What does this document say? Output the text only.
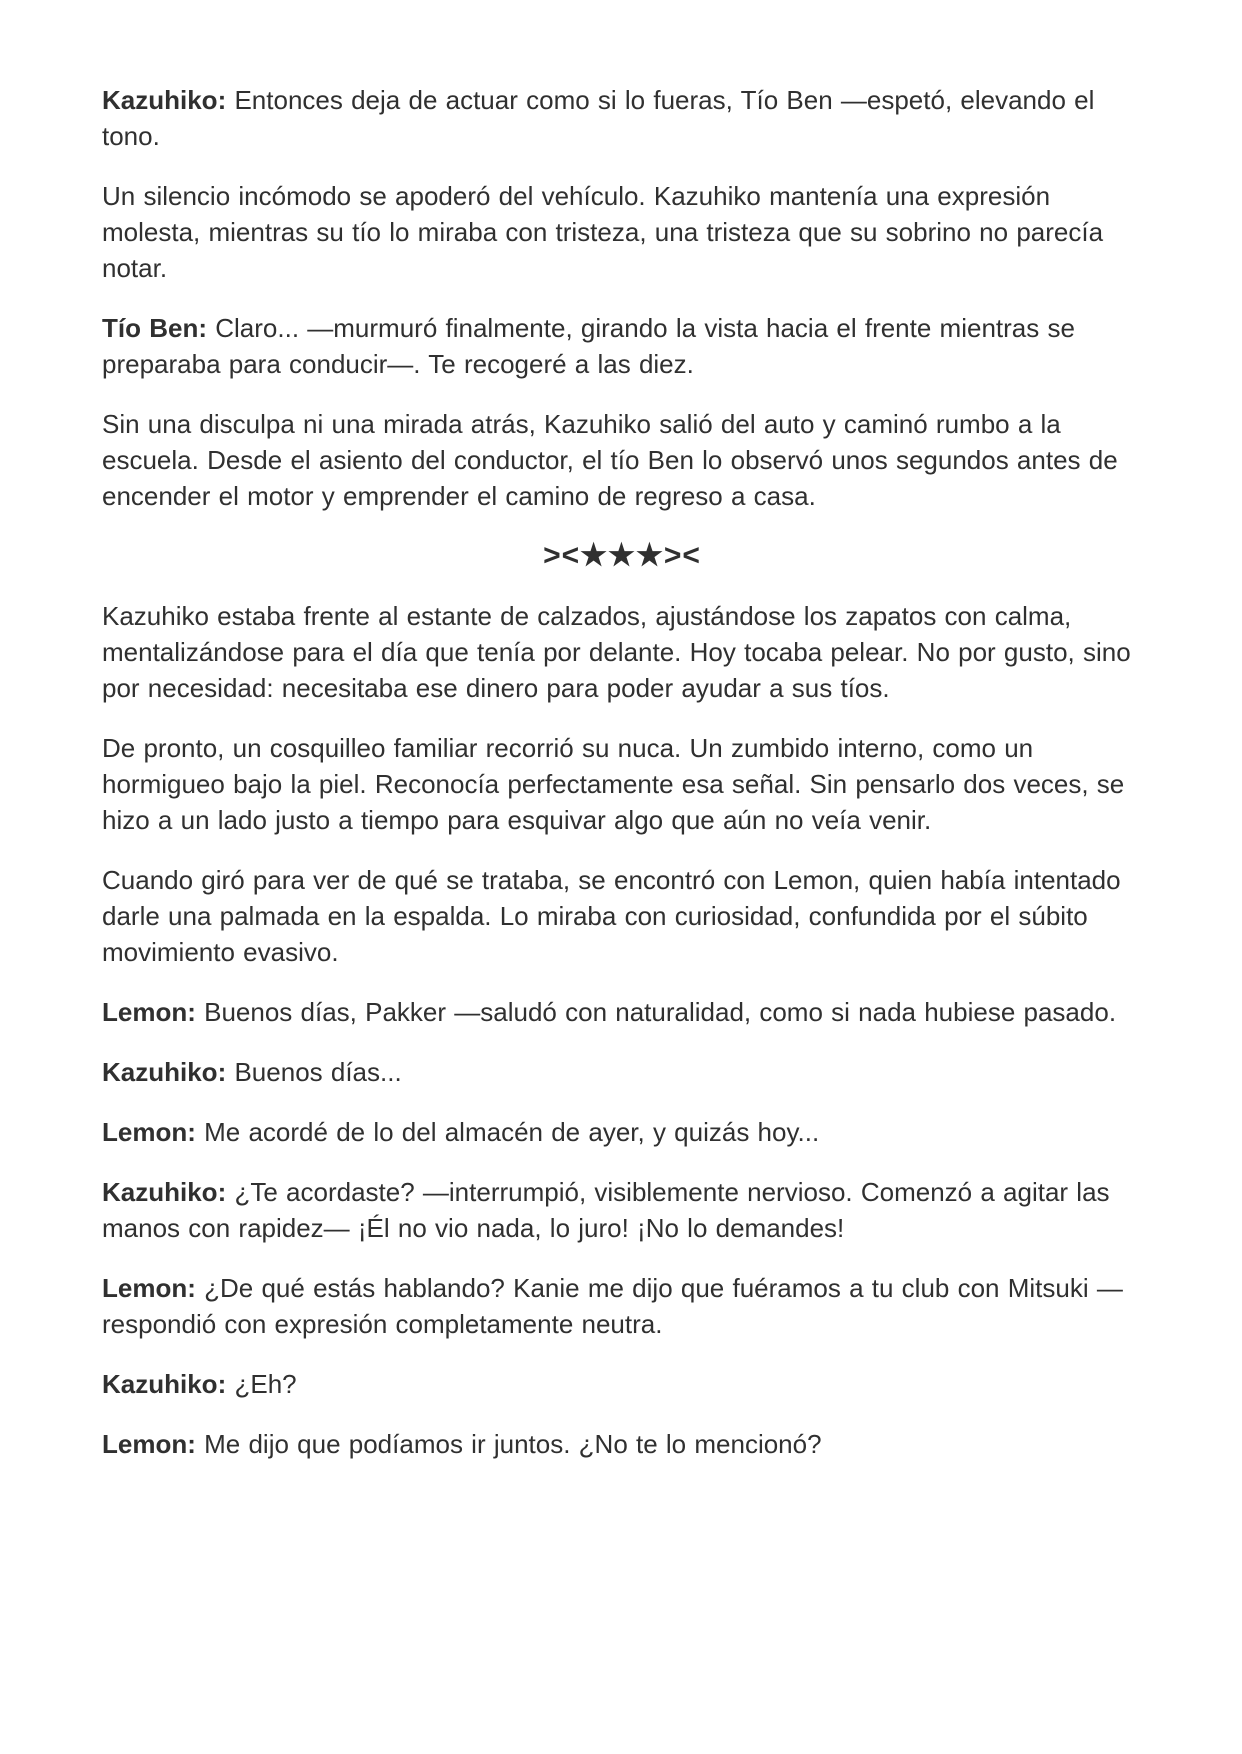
Kazuhiko: Entonces deja de actuar como si lo fueras, Tío Ben —espetó, elevando el tono.

Un silencio incómodo se apoderó del vehículo. Kazuhiko mantenía una expresión molesta, mientras su tío lo miraba con tristeza, una tristeza que su sobrino no parecía notar.

Tío Ben: Claro... —murmuró finalmente, girando la vista hacia el frente mientras se preparaba para conducir—. Te recogeré a las diez.

Sin una disculpa ni una mirada atrás, Kazuhiko salió del auto y caminó rumbo a la escuela. Desde el asiento del conductor, el tío Ben lo observó unos segundos antes de encender el motor y emprender el camino de regreso a casa.

><★★★><

Kazuhiko estaba frente al estante de calzados, ajustándose los zapatos con calma, mentalizándose para el día que tenía por delante. Hoy tocaba pelear. No por gusto, sino por necesidad: necesitaba ese dinero para poder ayudar a sus tíos.

De pronto, un cosquilleo familiar recorrió su nuca. Un zumbido interno, como un hormigueo bajo la piel. Reconocía perfectamente esa señal. Sin pensarlo dos veces, se hizo a un lado justo a tiempo para esquivar algo que aún no veía venir.

Cuando giró para ver de qué se trataba, se encontró con Lemon, quien había intentado darle una palmada en la espalda. Lo miraba con curiosidad, confundida por el súbito movimiento evasivo.

Lemon: Buenos días, Pakker —saludó con naturalidad, como si nada hubiese pasado.

Kazuhiko: Buenos días...

Lemon: Me acordé de lo del almacén de ayer, y quizás hoy...

Kazuhiko: ¿Te acordaste? —interrumpió, visiblemente nervioso. Comenzó a agitar las manos con rapidez— ¡Él no vio nada, lo juro! ¡No lo demandes!

Lemon: ¿De qué estás hablando? Kanie me dijo que fuéramos a tu club con Mitsuki —respondió con expresión completamente neutra.

Kazuhiko: ¿Eh?

Lemon: Me dijo que podíamos ir juntos. ¿No te lo mencionó?
